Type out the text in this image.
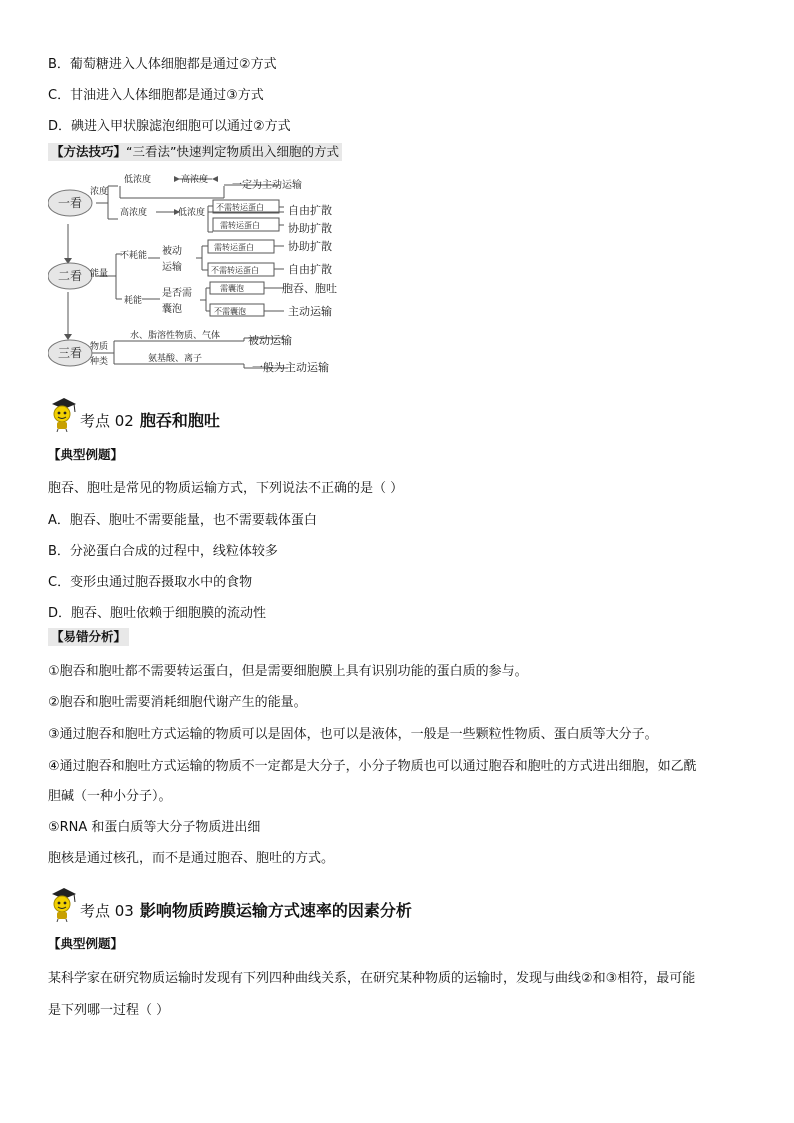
B．葡萄糖进入人体细胞都是通过②方式
C．甘油进入人体细胞都是通过③方式
D．碘进入甲状腺滤泡细胞可以通过②方式
【方法技巧】“三看法”快速判定物质出入细胞的方式
一看
二看
三看
浓度
低浓度	高浓度 一定为主动运输
高浓度	低浓度
不需转运蛋白
需转运蛋白
自由扩散
协助扩散
能量
不耗能 被动
运输
需转运蛋白
不需转运蛋白
协助扩散
自由扩散
耗能
是否需
囊泡
需囊泡
不需囊泡
胞吞、胞吐
主动运输
物质
种类
水、脂溶性物质、气体	被动运输
氨基酸、离子
一般为主动运输
考点 02 胞吞和胞吐
【典型例题】
胞吞、胞吐是常见的物质运输方式，下列说法不正确的是（ ）
A．胞吞、胞吐不需要能量，也不需要载体蛋白
B．分泌蛋白合成的过程中，线粒体较多
C．变形虫通过胞吞摄取水中的食物
D．胞吞、胞吐依赖于细胞膜的流动性
【易错分析】
①胞吞和胞吐都不需要转运蛋白，但是需要细胞膜上具有识别功能的蛋白质的参与。
②胞吞和胞吐需要消耗细胞代谢产生的能量。
③通过胞吞和胞吐方式运输的物质可以是固体，也可以是液体，一般是一些颗粒性物质、蛋白质等大分子。
④通过胞吞和胞吐方式运输的物质不一定都是大分子，小分子物质也可以通过胞吞和胞吐的方式进出细胞，如乙酰
胆碱（一种小分子）。
⑤RNA 和蛋白质等大分子物质进出细
胞核是通过核孔，而不是通过胞吞、胞吐的方式。
考点 03 影响物质跨膜运输方式速率的因素分析
【典型例题】
某科学家在研究物质运输时发现有下列四种曲线关系，在研究某种物质的运输时，发现与曲线②和③相符，最可能
是下列哪一过程（ ）
